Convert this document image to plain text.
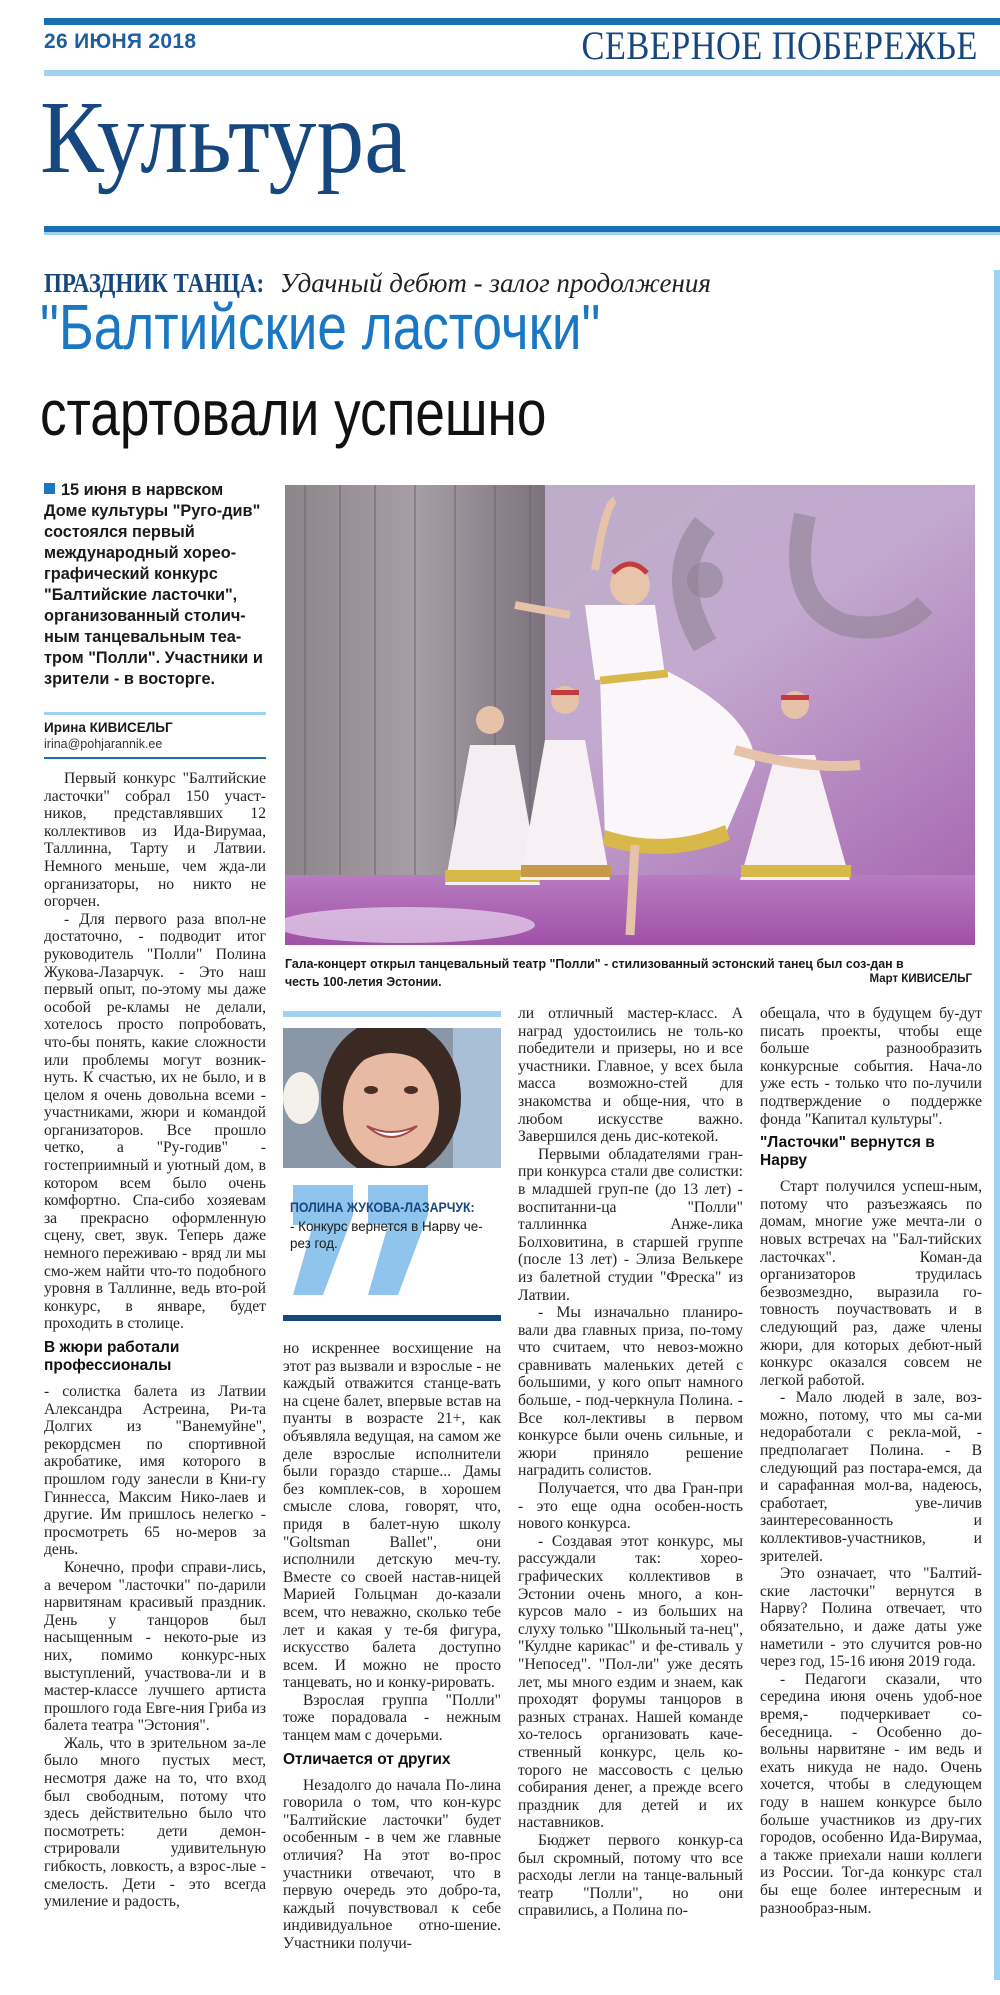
26 ИЮНЯ 2018	СЕВЕРНОЕ ПОБЕРЕЖЬЕ
Культура
ПРАЗДНИК ТАНЦА: Удачный дебют - залог продолжения
"Балтийские ласточки"
стартовали успешно
15 июня в нарвском Доме культуры "Руго-див" состоялся первый международный хорео-графический конкурс "Балтийские ласточки", организованный столич-ным танцевальным теа-тром "Полли". Участники и зрители - в восторге.
Ирина КИВИСЕЛЬГ
irina@pohjarannik.ee
Гала-концерт открыл танцевальный театр "Полли" - стилизованный эстонский танец был соз-дан в честь 100-летия Эстонии.	Март КИВИСЕЛЬГ

Первый конкурс "Балтийские ласточки" собрал 150 участ-ников, представлявших 12 коллективов из Ида-Вирумаа, Таллинна, Тарту и Латвии. Немного меньше, чем жда-ли организаторы, но никто не огорчен.

- Для первого раза впол-не достаточно, - подводит итог руководитель "Полли" Полина Жукова-Лазарчук. - Это наш первый опыт, по-этому мы даже особой ре-кламы не делали, хотелось просто попробовать, что-бы понять, какие сложности или проблемы могут возник-нуть. К счастью, их не было, и в целом я очень довольна всеми - участниками, жюри и командой организаторов. Все прошло четко, а "Ру-годив" - гостеприимный и уютный дом, в котором всем было очень комфортно. Спа-сибо хозяевам за прекрасно оформленную сцену, свет, звук. Теперь даже немного переживаю - вряд ли мы смо-жем найти что-то подобного уровня в Таллинне, ведь вто-рой конкурс, в январе, будет проходить в столице.

В жюри работали профессионалы

- солистка балета из Латвии Александра Астреина, Ри-та Долгих из "Ванемуйне", рекордсмен по спортивной акробатике, имя которого в прошлом году занесли в Кни-гу Гиннесса, Максим Нико-лаев и другие. Им пришлось нелегко - просмотреть 65 но-меров за день.

Конечно, профи справи-лись, а вечером "ласточки" по-дарили нарвитянам красивый праздник. День у танцоров был насыщенным - некото-рые из них, помимо конкурс-ных выступлений, участвова-ли и в мастер-классе лучшего артиста прошлого года Евге-ния Гриба из балета театра "Эстония".

Жаль, что в зрительном за-ле было много пустых мест, несмотря даже на то, что вход был свободным, потому что здесь действительно было что посмотреть: дети демон-стрировали удивительную гибкость, ловкость, а взрос-лые - смелость. Дети - это всегда умиление и радость,

ПОЛИНА ЖУКОВА-ЛАЗАРЧУК:
- Конкурс вернется в Нарву че-рез год.

но искреннее восхищение на этот раз вызвали и взрослые - не каждый отважится станце-вать на сцене балет, впервые встав на пуанты в возрасте 21+, как объявляла ведущая, на самом же деле взрослые исполнители были гораздо старше... Дамы без комплек-сов, в хорошем смысле слова, говорят, что, придя в балет-ную школу "Goltsman Ballet", они исполнили детскую меч-ту. Вместе со своей настав-ницей Марией Гольцман до-казали всем, что неважно, сколько тебе лет и какая у те-бя фигура, искусство балета доступно всем. И можно не просто танцевать, но и конку-рировать.

Взрослая группа "Полли" тоже порадовала - нежным танцем мам с дочерьми.

Отличается от других

Незадолго до начала По-лина говорила о том, что кон-курс "Балтийские ласточки" будет особенным - в чем же главные отличия? На этот во-прос участники отвечают, что в первую очередь это добро-та, каждый почувствовал к себе индивидуальное отно-шение. Участники получи-

ли отличный мастер-класс. А наград удостоились не толь-ко победители и призеры, но и все участники. Главное, у всех была масса возможно-стей для знакомства и обще-ния, что в любом искусстве важно. Завершился день дис-котекой.

Первыми обладателями гран-при конкурса стали две солистки: в младшей груп-пе (до 13 лет) - воспитанни-ца "Полли" таллиннка Анже-лика Болховитина, в старшей группе (после 13 лет) - Элиза Велькере из балетной студии "Фреска" из Латвии.

- Мы изначально планиро-вали два главных приза, по-тому что считаем, что невоз-можно сравнивать маленьких детей с большими, у кого опыт намного больше, - под-черкнула Полина. - Все кол-лективы в первом конкурсе были очень сильные, и жюри приняло решение наградить солистов.

Получается, что два Гран-при - это еще одна особен-ность нового конкурса.

- Создавая этот конкурс, мы рассуждали так: хорео-графических коллективов в Эстонии очень много, а кон-курсов мало - из больших на слуху только "Школьный та-нец", "Кулдне карикас" и фе-стиваль у "Непосед". "Пол-ли" уже десять лет, мы много ездим и знаем, как проходят форумы танцоров в разных странах. Нашей команде хо-телось организовать каче-ственный конкурс, цель ко-торого не массовость с целью собирания денег, а прежде всего праздник для детей и их наставников.

Бюджет первого конкур-са был скромный, потому что все расходы легли на танце-вальный театр "Полли", но они справились, а Полина по-

обещала, что в будущем бу-дут писать проекты, чтобы еще больше разнообразить конкурсные события. Нача-ло уже есть - только что по-лучили подтверждение о поддержке фонда "Капитал культуры".

"Ласточки" вернутся в Нарву

Старт получился успеш-ным, потому что разъезжаясь по домам, многие уже мечта-ли о новых встречах на "Бал-тийских ласточках". Коман-да организаторов трудилась безвозмездно, выразила го-товность поучаствовать и в следующий раз, даже члены жюри, для которых дебют-ный конкурс оказался совсем не легкой работой.

- Мало людей в зале, воз-можно, потому, что мы са-ми недоработали с рекла-мой, - предполагает Полина. - В следующий раз постара-емся, да и сарафанная мол-ва, надеюсь, сработает, уве-личив заинтересованность и коллективов-участников, и зрителей.

Это означает, что "Балтий-ские ласточки" вернутся в Нарву? Полина отвечает, что обязательно, и даже даты уже наметили - это случится ров-но через год, 15-16 июня 2019 года.

- Педагоги сказали, что середина июня очень удоб-ное время,- подчеркивает со-беседница. - Особенно до-вольны нарвитяне - им ведь и ехать никуда не надо. Очень хочется, чтобы в следующем году в нашем конкурсе было больше участников из дру-гих городов, особенно Ида-Вирумаа, а также приехали наши коллеги из России. Тог-да конкурс стал бы еще более интересным и разнообраз-ным.
